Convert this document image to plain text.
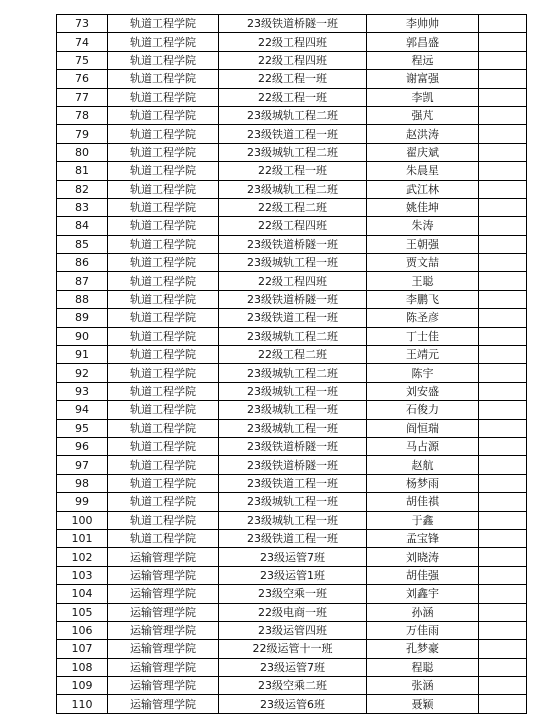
73	轨道工程学院	23级铁道桥隧一班	李帅帅	
74	轨道工程学院	22级工程四班	郭昌盛	
75	轨道工程学院	22级工程四班	程远	
76	轨道工程学院	22级工程一班	谢富强	
77	轨道工程学院	22级工程一班	李凯	
78	轨道工程学院	23级城轨工程二班	强芃	
79	轨道工程学院	23级铁道工程一班	赵洪涛	
80	轨道工程学院	23级城轨工程二班	翟庆斌	
81	轨道工程学院	22级工程一班	朱晨星	
82	轨道工程学院	23级城轨工程二班	武江林	
83	轨道工程学院	22级工程二班	姚佳坤	
84	轨道工程学院	22级工程四班	朱涛	
85	轨道工程学院	23级铁道桥隧一班	王朝强	
86	轨道工程学院	23级城轨工程一班	贾文喆	
87	轨道工程学院	22级工程四班	王聪	
88	轨道工程学院	23级铁道桥隧一班	李鹏飞	
89	轨道工程学院	23级铁道工程一班	陈圣彦	
90	轨道工程学院	23级城轨工程二班	丁士佳	
91	轨道工程学院	22级工程二班	王靖元	
92	轨道工程学院	23级城轨工程二班	陈宇	
93	轨道工程学院	23级城轨工程一班	刘安盛	
94	轨道工程学院	23级城轨工程一班	石俊力	
95	轨道工程学院	23级城轨工程一班	阎恒瑞	
96	轨道工程学院	23级铁道桥隧一班	马占源	
97	轨道工程学院	23级铁道桥隧一班	赵航	
98	轨道工程学院	23级铁道工程一班	杨梦雨	
99	轨道工程学院	23级城轨工程一班	胡佳祺	
100	轨道工程学院	23级城轨工程一班	于鑫	
101	轨道工程学院	23级铁道工程一班	孟宝锋	
102	运输管理学院	23级运管7班	刘晓涛	
103	运输管理学院	23级运管1班	胡佳强	
104	运输管理学院	23级空乘一班	刘鑫宇	
105	运输管理学院	22级电商一班	孙涵	
106	运输管理学院	23级运管四班	万佳雨	
107	运输管理学院	22级运管十一班	孔梦豪	
108	运输管理学院	23级运管7班	程聪	
109	运输管理学院	23级空乘二班	张涵	
110	运输管理学院	23级运管6班	聂颖	
